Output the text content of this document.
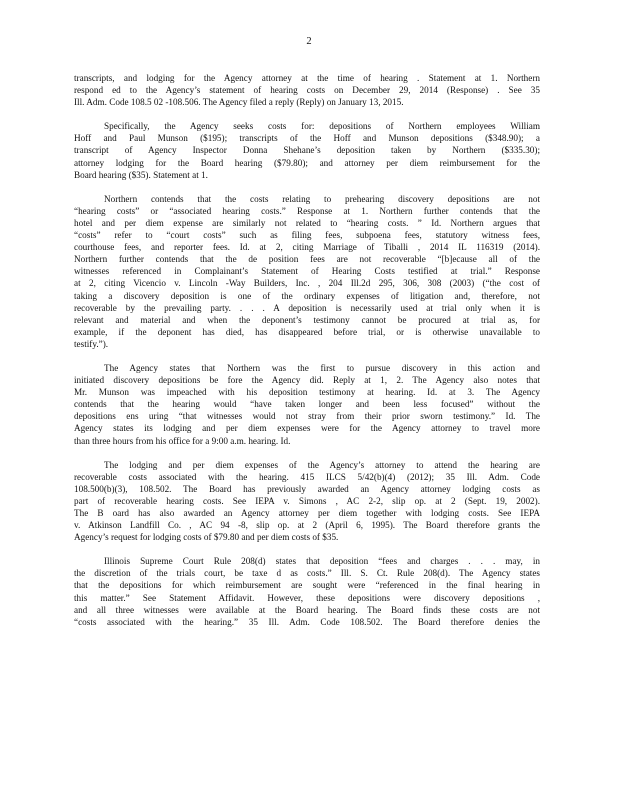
2
transcripts, and lodging for the Agency attorney at the time of hearing . Statement at 1. Northern
respond ed to the Agency’s statement of hearing costs on December 29, 2014 (Response) . See 35
Ill. Adm. Code 108.5 02 -108.506. The Agency filed a reply (Reply) on January 13, 2015.
Specifically, the Agency seeks costs for: depositions of Northern employees William
Hoff and Paul Munson ($195); transcripts of the Hoff and Munson depositions ($348.90); a
transcript of Agency Inspector Donna Shehane’s deposition taken by Northern ($335.30);
attorney lodging for the Board hearing ($79.80); and attorney per diem reimbursement for the
Board hearing ($35). Statement at 1.
Northern contends that the costs relating to prehearing discovery depositions are not
“hearing costs” or “associated hearing costs.” Response at 1. Northern further contends that the
hotel and per diem expense are similarly not related to “hearing costs. ” Id. Northern argues that
“costs” refer to “court costs” such as filing fees, subpoena fees, statutory witness fees,
courthouse fees, and reporter fees. Id. at 2, citing Marriage of Tiballi , 2014 IL 116319 (2014).
Northern further contends that the de position fees are not recoverable “[b]ecause all of the
witnesses referenced in Complainant’s Statement of Hearing Costs testified at trial.” Response
at 2, citing Vicencio v. Lincoln -Way Builders, Inc. , 204 Ill.2d 295, 306, 308 (2003) (“the cost of
taking a discovery deposition is one of the ordinary expenses of litigation and, therefore, not
recoverable by the prevailing party. . . . A deposition is necessarily used at trial only when it is
relevant and material and when the deponent’s testimony cannot be procured at trial as, for
example, if the deponent has died, has disappeared before trial, or is otherwise unavailable to
testify.”).
The Agency states that Northern was the first to pursue discovery in this action and
initiated discovery depositions be fore the Agency did. Reply at 1, 2. The Agency also notes that
Mr. Munson was impeached with his deposition testimony at hearing. Id. at 3. The Agency
contends that the hearing would “have taken longer and been less focused” without the
depositions ens uring “that witnesses would not stray from their prior sworn testimony.” Id. The
Agency states its lodging and per diem expenses were for the Agency attorney to travel more
than three hours from his office for a 9:00 a.m. hearing. Id.
The lodging and per diem expenses of the Agency’s attorney to attend the hearing are
recoverable costs associated with the hearing. 415 ILCS 5/42(b)(4) (2012); 35 Ill. Adm. Code
108.500(b)(3), 108.502. The Board has previously awarded an Agency attorney lodging costs as
part of recoverable hearing costs. See IEPA v. Simons , AC 2-2, slip op. at 2 (Sept. 19, 2002).
The B oard has also awarded an Agency attorney per diem together with lodging costs. See IEPA
v. Atkinson Landfill Co. , AC 94 -8, slip op. at 2 (April 6, 1995). The Board therefore grants the
Agency’s request for lodging costs of $79.80 and per diem costs of $35.
Illinois Supreme Court Rule 208(d) states that deposition “fees and charges . . . may, in
the discretion of the trials court, be taxe d as costs.” Ill. S. Ct. Rule 208(d). The Agency states
that the depositions for which reimbursement are sought were “referenced in the final hearing in
this matter.” See Statement Affidavit. However, these depositions were discovery depositions ,
and all three witnesses were available at the Board hearing. The Board finds these costs are not
“costs associated with the hearing.” 35 Ill. Adm. Code 108.502. The Board therefore denies the
